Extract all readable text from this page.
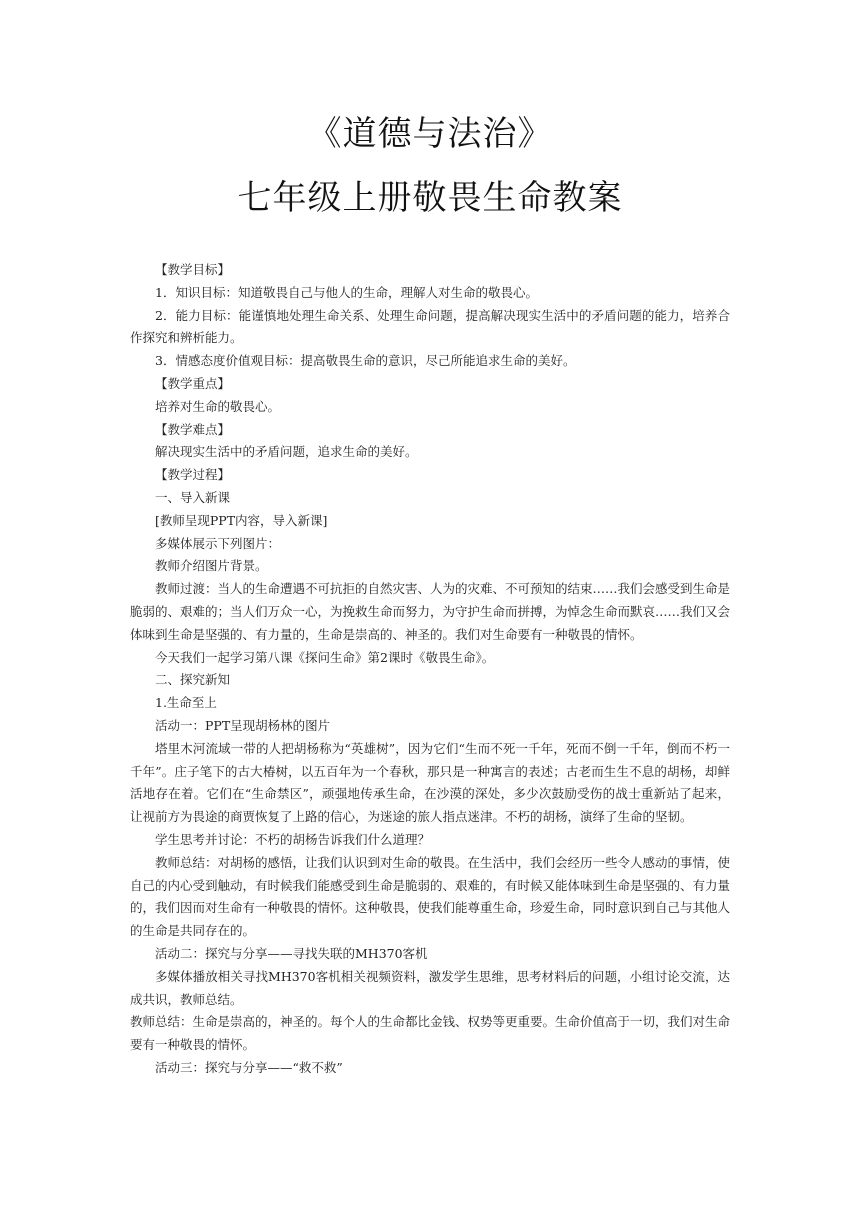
《道德与法治》
七年级上册敬畏生命教案

【教学目标】

1．知识目标：知道敬畏自己与他人的生命，理解人对生命的敬畏心。

2．能力目标：能谨慎地处理生命关系、处理生命问题，提高解决现实生活中的矛盾问题的能力，培养合作探究和辨析能力。

3．情感态度价值观目标：提高敬畏生命的意识，尽己所能追求生命的美好。

【教学重点】

培养对生命的敬畏心。

【教学难点】

解决现实生活中的矛盾问题，追求生命的美好。

【教学过程】

一、导入新课

[教师呈现PPT内容，导入新课]

多媒体展示下列图片：

教师介绍图片背景。

教师过渡：当人的生命遭遇不可抗拒的自然灾害、人为的灾难、不可预知的结束……我们会感受到生命是脆弱的、艰难的；当人们万众一心，为挽救生命而努力，为守护生命而拼搏，为悼念生命而默哀……我们又会体味到生命是坚强的、有力量的，生命是崇高的、神圣的。我们对生命要有一种敬畏的情怀。

今天我们一起学习第八课《探问生命》第2课时《敬畏生命》。

二、探究新知

1.生命至上

活动一：PPT呈现胡杨林的图片

塔里木河流域一带的人把胡杨称为“英雄树”，因为它们“生而不死一千年，死而不倒一千年，倒而不朽一千年”。庄子笔下的古大椿树，以五百年为一个春秋，那只是一种寓言的表述；古老而生生不息的胡杨，却鲜活地存在着。它们在“生命禁区”，顽强地传承生命，在沙漠的深处，多少次鼓励受伤的战士重新站了起来，让视前方为畏途的商贾恢复了上路的信心，为迷途的旅人指点迷津。不朽的胡杨，演绎了生命的坚韧。

学生思考并讨论：不朽的胡杨告诉我们什么道理？

教师总结：对胡杨的感悟，让我们认识到对生命的敬畏。在生活中，我们会经历一些令人感动的事情，使自己的内心受到触动，有时候我们能感受到生命是脆弱的、艰难的，有时候又能体味到生命是坚强的、有力量的，我们因而对生命有一种敬畏的情怀。这种敬畏，使我们能尊重生命，珍爱生命，同时意识到自己与其他人的生命是共同存在的。

活动二：探究与分享——寻找失联的MH370客机

多媒体播放相关寻找MH370客机相关视频资料，激发学生思维，思考材料后的问题，小组讨论交流，达成共识，教师总结。

教师总结：生命是崇高的，神圣的。每个人的生命都比金钱、权势等更重要。生命价值高于一切，我们对生命要有一种敬畏的情怀。

活动三：探究与分享——“救不救”
